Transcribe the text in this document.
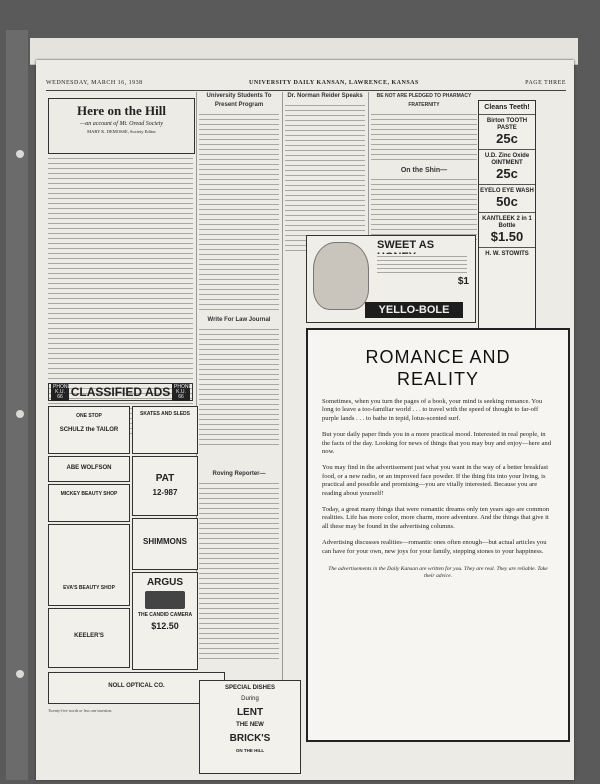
WEDNESDAY, MARCH 16, 1938	UNIVERSITY DAILY KANSAN, LAWRENCE, KANSAS	PAGE THREE
Here on the Hill
—an account of Mt. Oread Society
MARY K. DEMOSSE, Society Editor
University Students To Present Program
Write For Law Journal
Dr. Norman Reider Speaks	BE NOT ARE PLEDGED TO PHARMACY FRATERNITY
On the Shin—
Cleans Teeth!
Birton TOOTH PASTE
25c
U.D. Zinc Oxide OINTMENT
25c
EYELO EYE WASH
50c
KANTLEEK 2 in 1 Bottle
$1.50
H. W. STOWITS
SWEET AS
$1
YELLO-BOLE
ROMANCE AND
REALITY

Sometimes, when you turn the pages of a book, your mind is seeking romance. You long to leave a too-familiar world . . . to travel with the speed of thought to far-off purple lands . . . to bathe in tepid, lotus-scented surf.

But your daily paper finds you in a more practical mood. Interested in real people, in the facts of the day. Looking for news of things that you may buy and enjoy—here and now.

You may find in the advertisement just what you want in the way of a better breakfast food, or a new radio, or an improved face powder. If the thing fits into your living, is practical and possible and promising—you are vitally interested. Because you are reading about yourself!

Today, a great many things that were romantic dreams only ten years ago are common realities. Life has more color, more charm, more adventure. And the things that give it all these may be found in the advertising columns.

Advertising discusses realities—romantic ones often enough—but actual articles you can have for your own, new joys for your family, stepping stones to your happiness.

The advertisements in the Daily Kansan are written for you. They are real. They are reliable. Take their advice.
PHONE K.U. 66 CLASSIFIED ADS PHONE K.U. 66
ONE STOP
SCHULZ the TAILOR
ABE WOLFSON
MICKEY BEAUTY SHOP
EVA'S BEAUTY SHOP
KEELER'S
NOLL OPTICAL CO.
SKATES AND SLEDS
PAT
12-987
SHIMMONS
ARGUS
THE CANDID CAMERA
$12.50
Roving Reporter—
SPECIAL DISHES
During
LENT
THE NEW
BRICK'S
ON THE HILL
Twenty-five words or less one insertion.
